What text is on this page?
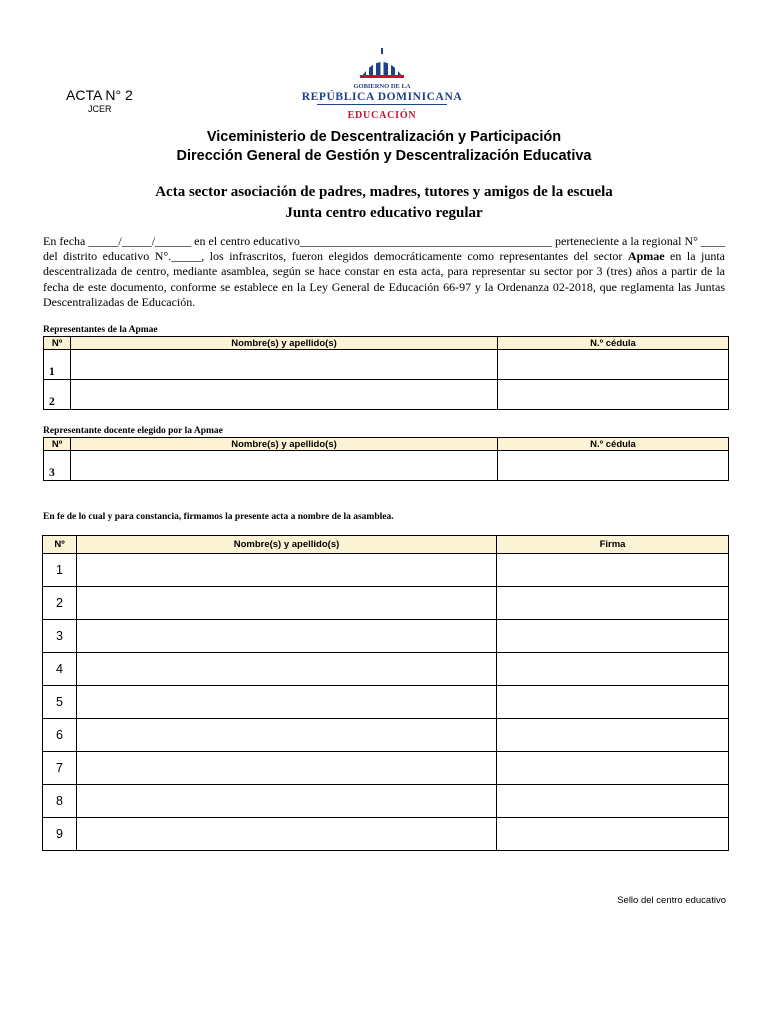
ACTA N° 2
JCER
GOBIERNO DE LA
REPÚBLICA DOMINICANA
EDUCACIÓN
Viceministerio de Descentralización y Participación
Dirección General de Gestión y Descentralización Educativa
Acta sector asociación de padres, madres, tutores y amigos de la escuela
Junta centro educativo regular
En fecha _____/_____/______ en el centro educativo__________________________________________ perteneciente a la regional N° ____ del distrito educativo N°._____, los infrascritos, fueron elegidos democráticamente como representantes del sector Apmae en la junta descentralizada de centro, mediante asamblea, según se hace constar en esta acta, para representar su sector por 3 (tres) años a partir de la fecha de este documento, conforme se establece en la Ley General de Educación 66-97 y la Ordenanza 02-2018, que reglamenta las Juntas Descentralizadas de Educación.
Representantes de la Apmae
Nº	Nombre(s) y apellido(s)	N.º cédula
1		
2		
Representante docente elegido por la Apmae
Nº	Nombre(s) y apellido(s)	N.º cédula
3		
En fe de lo cual y para constancia, firmamos la presente acta a nombre de la asamblea.
Nº	Nombre(s) y apellido(s)	Firma
1		
2		
3		
4		
5		
6		
7		
8		
9		
Sello del centro educativo
